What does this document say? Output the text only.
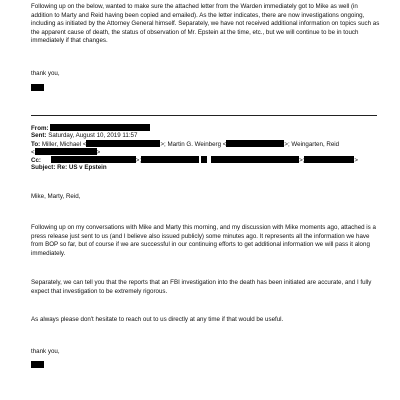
Following up on the below, wanted to make sure the attached letter from the Warden immediately got to Mike as well (in addition to Marty and Reid having been copied and emailed). As the letter indicates, there are now investigations ongoing, including as initiated by the Attorney General himself. Separately, we have not received additional information on topics such as the apparent cause of death, the status of observation of Mr. Epstein at the time, etc., but we will continue to be in touch immediately if that changes.

thank you,

From:
Sent: Saturday, August 10, 2019 11:57
To: Miller, Michael <	>; Martin G. Weinberg <	>; Weingarten, Reid
<	>
Cc:	>;	>;	>
Subject: Re: US v Epstein

Mike, Marty, Reid,

Following up on my conversations with Mike and Marty this morning, and my discussion with Mike moments ago, attached is a press release just sent to us (and I believe also issued publicly) some minutes ago. It represents all the information we have from BOP so far, but of course if we are successful in our continuing efforts to get additional information we will pass it along immediately.

Separately, we can tell you that the reports that an FBI investigation into the death has been initiated are accurate, and I fully expect that investigation to be extremely rigorous.

As always please don't hesitate to reach out to us directly at any time if that would be useful.

thank you,
